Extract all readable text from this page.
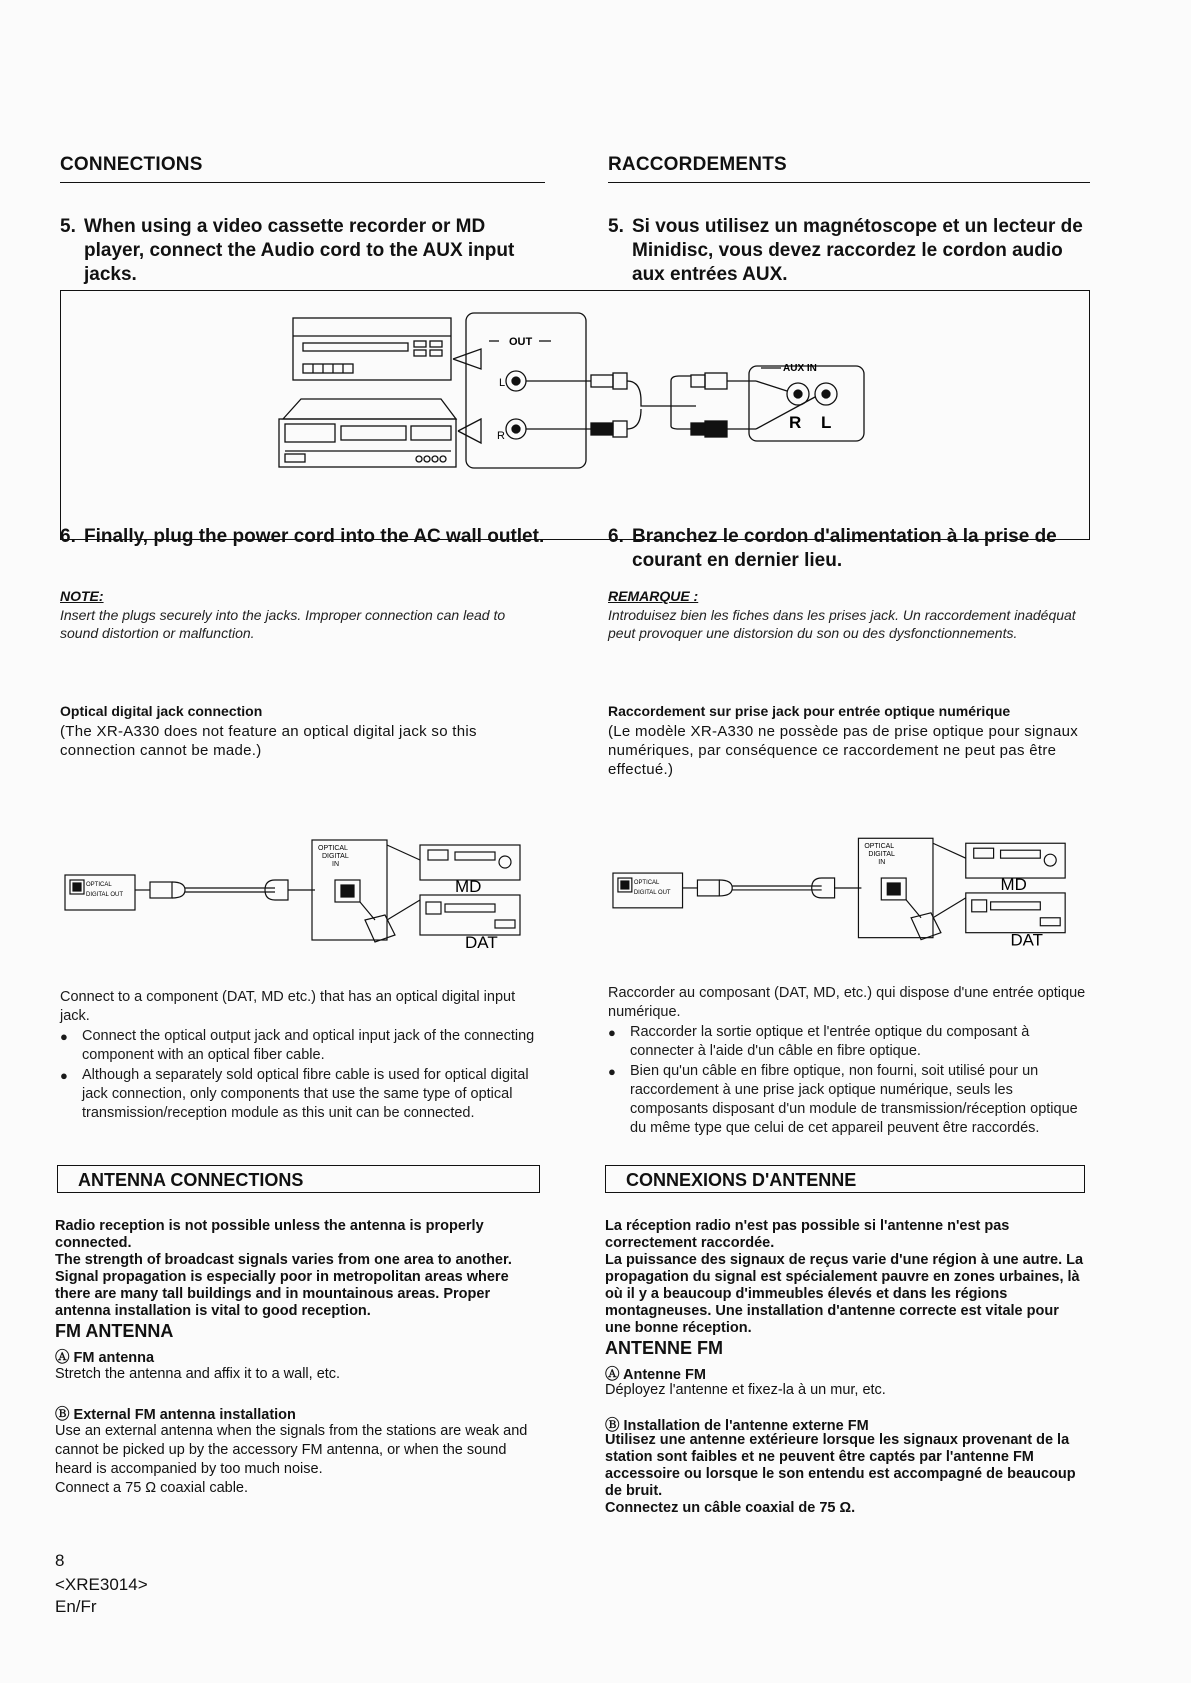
CONNECTIONS	RACCORDEMENTS
5. When using a video cassette recorder or MD player, connect the Audio cord to the AUX input jacks.
5. Si vous utilisez un magnétoscope et un lecteur de Minidisc, vous devez raccordez le cordon audio aux entrées AUX.
OUT
L
R
AUX IN
R L
6. Finally, plug the power cord into the AC wall outlet.	6. Branchez le cordon d'alimentation à la prise de courant en dernier lieu.
NOTE:
Insert the plugs securely into the jacks. Improper connection can lead to sound distortion or malfunction.
REMARQUE :
Introduisez bien les fiches dans les prises jack. Un raccordement inadéquat peut provoquer une distorsion du son ou des dysfonctionnements.
Optical digital jack connection
(The XR-A330 does not feature an optical digital jack so this connection cannot be made.)
Raccordement sur prise jack pour entrée optique numérique
(Le modèle XR-A330 ne possède pas de prise optique pour signaux numériques, par conséquence ce raccordement ne peut pas être effectué.)
OPTICAL
DIGITAL
IN
OPTICAL
DIGITAL OUT	MD
DAT
OPTICAL
DIGITAL
IN
OPTICAL
DIGITAL OUT	MD
DAT
Connect to a component (DAT, MD etc.) that has an optical digital input jack.
● Connect the optical output jack and optical input jack of the connecting component with an optical fiber cable.
● Although a separately sold optical fibre cable is used for optical digital jack connection, only components that use the same type of optical transmission/reception module as this unit can be connected.
Raccorder au composant (DAT, MD, etc.) qui dispose d'une entrée optique numérique.
● Raccorder la sortie optique et l'entrée optique du composant à connecter à l'aide d'un câble en fibre optique.
● Bien qu'un câble en fibre optique, non fourni, soit utilisé pour un raccordement à une prise jack optique numérique, seuls les composants disposant d'un module de transmission/réception optique du même type que celui de cet appareil peuvent être raccordés.
ANTENNA CONNECTIONS	CONNEXIONS D'ANTENNE
Radio reception is not possible unless the antenna is properly connected.
The strength of broadcast signals varies from one area to another. Signal propagation is especially poor in metropolitan areas where there are many tall buildings and in mountainous areas. Proper antenna installation is vital to good reception.
La réception radio n'est pas possible si l'antenne n'est pas correctement raccordée.
La puissance des signaux de reçus varie d'une région à une autre. La propagation du signal est spécialement pauvre en zones urbaines, là où il y a beaucoup d'immeubles élevés et dans les régions montagneuses. Une installation d'antenne correcte est vitale pour une bonne réception.
FM ANTENNA
Ⓐ FM antenna
Stretch the antenna and affix it to a wall, etc.
Ⓑ External FM antenna installation
Use an external antenna when the signals from the stations are weak and cannot be picked up by the accessory FM antenna, or when the sound heard is accompanied by too much noise.
Connect a 75 Ω coaxial cable.
ANTENNE FM
Ⓐ Antenne FM
Déployez l'antenne et fixez-la à un mur, etc.
Ⓑ Installation de l'antenne externe FM
Utilisez une antenne extérieure lorsque les signaux provenant de la station sont faibles et ne peuvent être captés par l'antenne FM accessoire ou lorsque le son entendu est accompagné de beaucoup de bruit.
Connectez un câble coaxial de 75 Ω.
8
<XRE3014>
En/Fr
